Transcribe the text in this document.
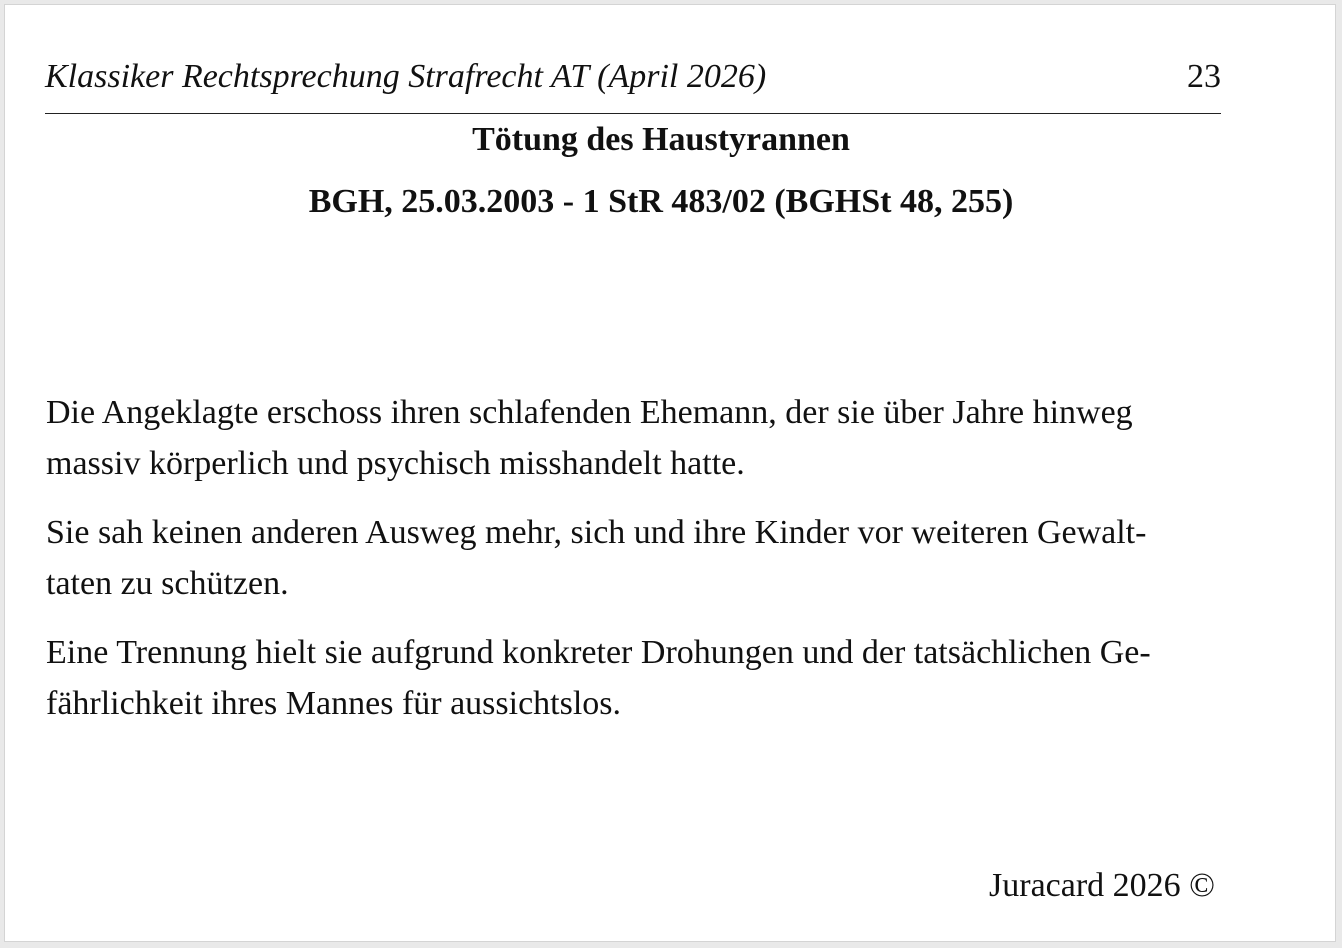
Klassiker Rechtsprechung Strafrecht AT (April 2026)	23
Tötung des Haustyrannen
BGH, 25.03.2003 - 1 StR 483/02 (BGHSt 48, 255)

Die Angeklagte erschoss ihren schlafenden Ehemann, der sie über Jahre hinweg
massiv körperlich und psychisch misshandelt hatte.

Sie sah keinen anderen Ausweg mehr, sich und ihre Kinder vor weiteren Gewalt-
taten zu schützen.

Eine Trennung hielt sie aufgrund konkreter Drohungen und der tatsächlichen Ge-
fährlichkeit ihres Mannes für aussichtslos.

Juracard 2026 ©
